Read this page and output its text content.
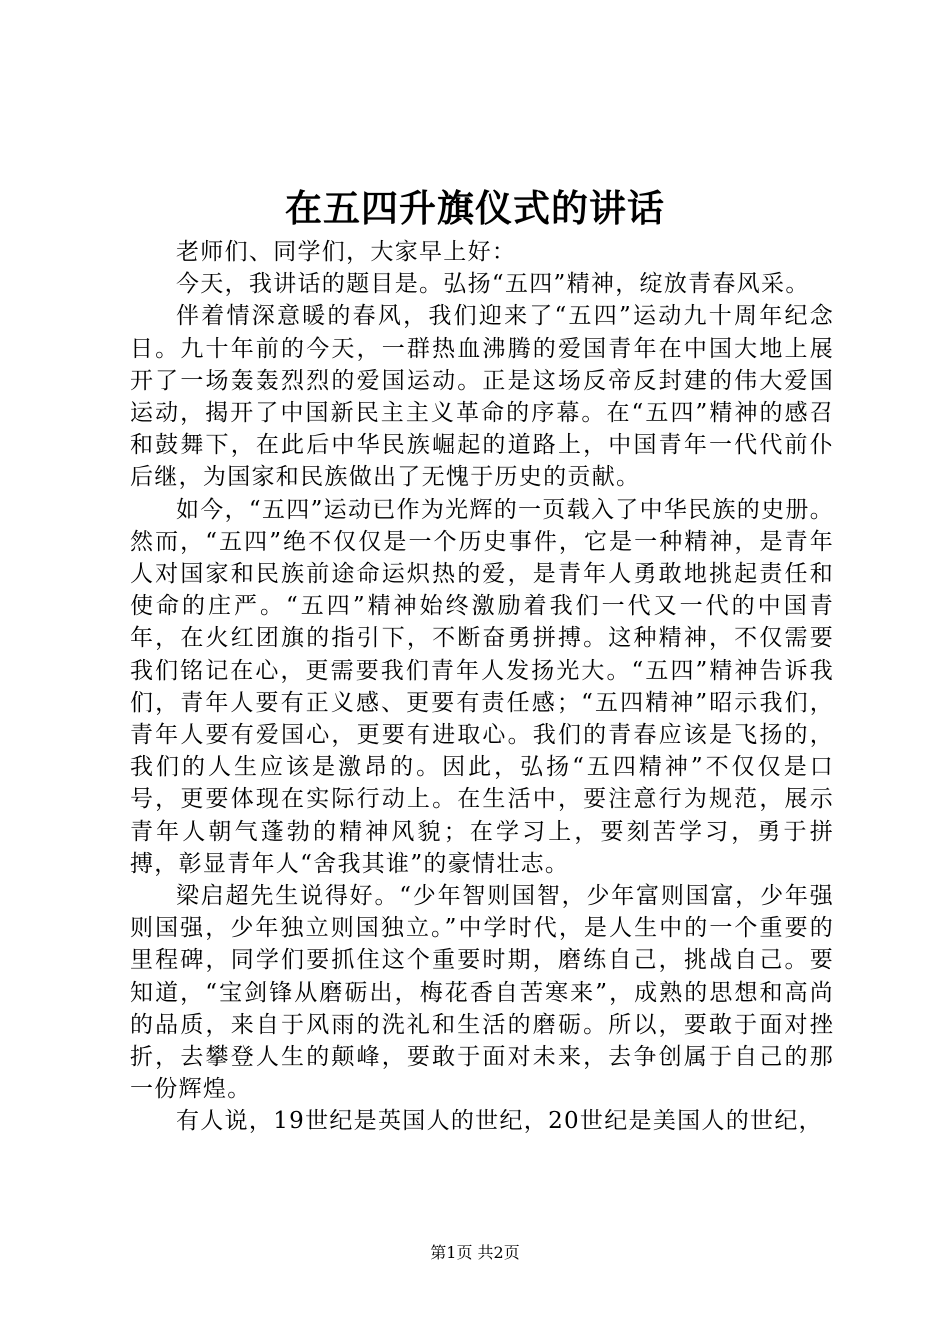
在五四升旗仪式的讲话

老师们、同学们，大家早上好：

今天，我讲话的题目是。弘扬“五四”精神，绽放青春风采。

伴着情深意暖的春风，我们迎来了“五四”运动九十周年纪念日。九十年前的今天，一群热血沸腾的爱国青年在中国大地上展开了一场轰轰烈烈的爱国运动。正是这场反帝反封建的伟大爱国运动，揭开了中国新民主主义革命的序幕。在“五四”精神的感召和鼓舞下，在此后中华民族崛起的道路上，中国青年一代代前仆后继，为国家和民族做出了无愧于历史的贡献。

如今，“五四”运动已作为光辉的一页载入了中华民族的史册。然而，“五四”绝不仅仅是一个历史事件，它是一种精神，是青年人对国家和民族前途命运炽热的爱，是青年人勇敢地挑起责任和使命的庄严。“五四”精神始终激励着我们一代又一代的中国青年，在火红团旗的指引下，不断奋勇拼搏。这种精神，不仅需要我们铭记在心，更需要我们青年人发扬光大。“五四”精神告诉我们，青年人要有正义感、更要有责任感；“五四精神”昭示我们，青年人要有爱国心，更要有进取心。我们的青春应该是飞扬的，我们的人生应该是激昂的。因此，弘扬“五四精神”不仅仅是口号，更要体现在实际行动上。在生活中，要注意行为规范，展示青年人朝气蓬勃的精神风貌；在学习上，要刻苦学习，勇于拼搏，彰显青年人“舍我其谁”的豪情壮志。

梁启超先生说得好。“少年智则国智，少年富则国富，少年强则国强，少年独立则国独立。”中学时代，是人生中的一个重要的里程碑，同学们要抓住这个重要时期，磨练自己，挑战自己。要知道，“宝剑锋从磨砺出，梅花香自苦寒来”，成熟的思想和高尚的品质，来自于风雨的洗礼和生活的磨砺。所以，要敢于面对挫折，去攀登人生的颠峰，要敢于面对未来，去争创属于自己的那一份辉煌。

有人说，19世纪是英国人的世纪，20世纪是美国人的世纪，

第1页 共2页
